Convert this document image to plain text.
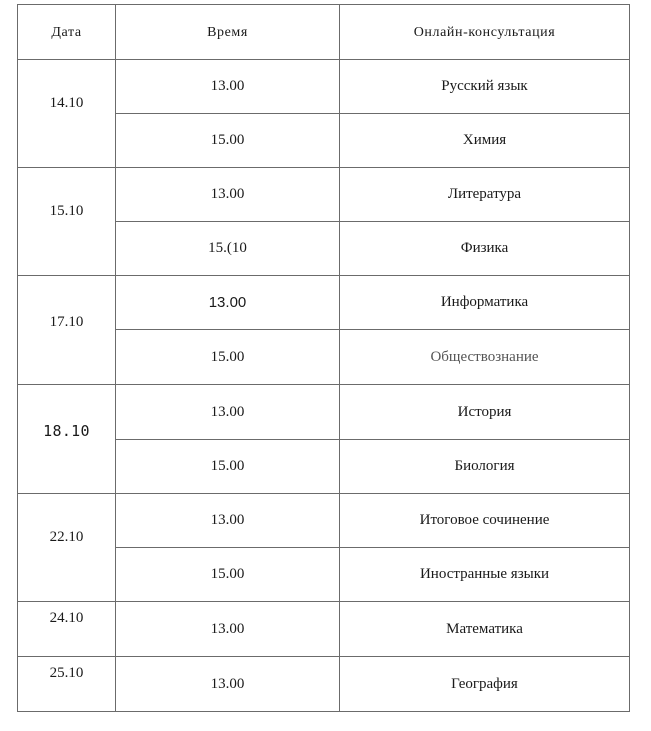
Дата	Время	Онлайн-консультация
14.10	13.00	Русский язык
	15.00	Химия
15.10	13.00	Литература
	15.(10	Физика
17.10	13.00	Информатика
	15.00	Обществознание
18.10	13.00	История
	15.00	Биология
22.10	13.00	Итоговое сочинение
	15.00	Иностранные языки
24.10	13.00	Математика
25.10	13.00	География
